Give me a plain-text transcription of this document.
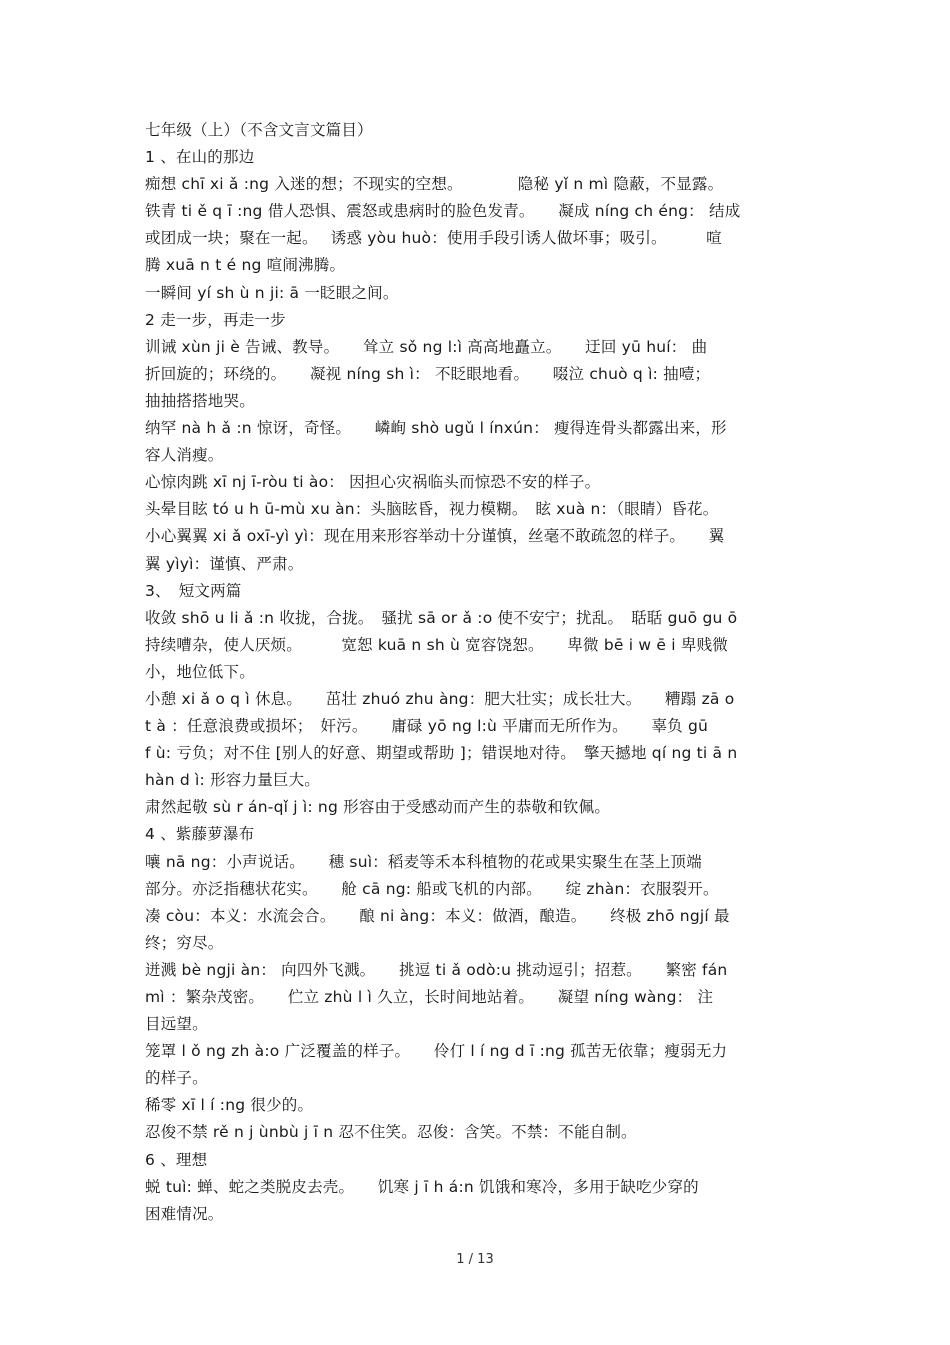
七年级（上）（不含文言文篇目）
1 、在山的那边
痴想 chī xi ǎ :ng 入迷的想；不现实的空想。　　　　隐秘 yǐ n mì 隐蔽，不显露。
铁青 ti ě q ī :ng 借人恐惧、震怒或患病时的脸色发青。　　凝成 níng ch éng： 结成
或团成一块；聚在一起。　 诱惑 yòu huò：使用手段引诱人做坏事；吸引。　　　喧
腾 xuā n t é ng 喧闹沸腾。
一瞬间 yí sh ù n ji: ā 一眨眼之间。
2 走一步，再走一步
训诫 xùn ji è 告诫、教导。　　耸立 sǒ ng l:ì 高高地矗立。　　迂回 yū huí： 曲
折回旋的；环绕的。　　凝视 níng sh ì： 不眨眼地看。　　啜泣 chuò q ì: 抽噎；
抽抽搭搭地哭。
纳罕 nà h ǎ :n 惊讶，奇怪。　　嶙峋 shò ugǔ l ínxún： 瘦得连骨头都露出来，形
容人消瘦。
心惊肉跳 xī nj ī-ròu ti ào： 因担心灾祸临头而惊恐不安的样子。
头晕目眩 tó u h ū-mù xu àn：头脑眩昏，视力模糊。　眩 xuà n：（眼睛）昏花。
小心翼翼 xi ǎ oxī-yì yì：现在用来形容举动十分谨慎，丝毫不敢疏忽的样子。　　翼
翼 yìyì：谨慎、严肃。
3、　短文两篇
收敛 shō u li ǎ :n 收拢，合拢。　骚扰 sā or ǎ :o 使不安宁；扰乱。　聒聒 guō gu ō
持续嘈杂，使人厌烦。　　　宽恕 kuā n sh ù 宽容饶恕。　　卑微 bē i w ē i 卑贱微
小，地位低下。
小憩 xi ǎ o q ì 休息。　　茁壮 zhuó zhu àng：肥大壮实；成长壮大。　　糟蹋 zā o
t à ：任意浪费或损坏；　奸污。　　庸碌 yō ng l:ù 平庸而无所作为。　　辜负 gū
f ù: 亏负；对不住 [别人的好意、期望或帮助 ]；错误地对待。　擎天撼地 qí ng ti ā n
hàn d ì: 形容力量巨大。
肃然起敬 sù r án-qǐ j ì: ng 形容由于受感动而产生的恭敬和钦佩。
4 、紫藤萝瀑布
嚷 nā ng：小声说话。　　穗 suì：稻麦等禾本科植物的花或果实聚生在茎上顶端
部分。亦泛指穗状花实。　　舱 cā ng: 船或飞机的内部。　　绽 zhàn：衣服裂开。
凑 còu：本义：水流会合。　　酿 ni àng：本义：做酒，酿造。　　终极 zhō ngjí 最
终；穷尽。
迸溅 bè ngji àn： 向四外飞溅。　　挑逗 ti ǎ odò:u 挑动逗引；招惹。　　繁密 fán
mì ：繁杂茂密。　　伫立 zhù l ì 久立，长时间地站着。　　凝望 níng wàng： 注
目远望。
笼罩 l ǒ ng zh à:o 广泛覆盖的样子。　　伶仃 l í ng d ī :ng 孤苦无依靠；瘦弱无力
的样子。
稀零 xī l í :ng 很少的。
忍俊不禁 rě n j ùnbù j ī n 忍不住笑。忍俊：含笑。不禁：不能自制。
6 、理想
蜕 tuì: 蝉、蛇之类脱皮去壳。　　饥寒 j ī h á:n 饥饿和寒冷，多用于缺吃少穿的
困难情况。
1 / 13
